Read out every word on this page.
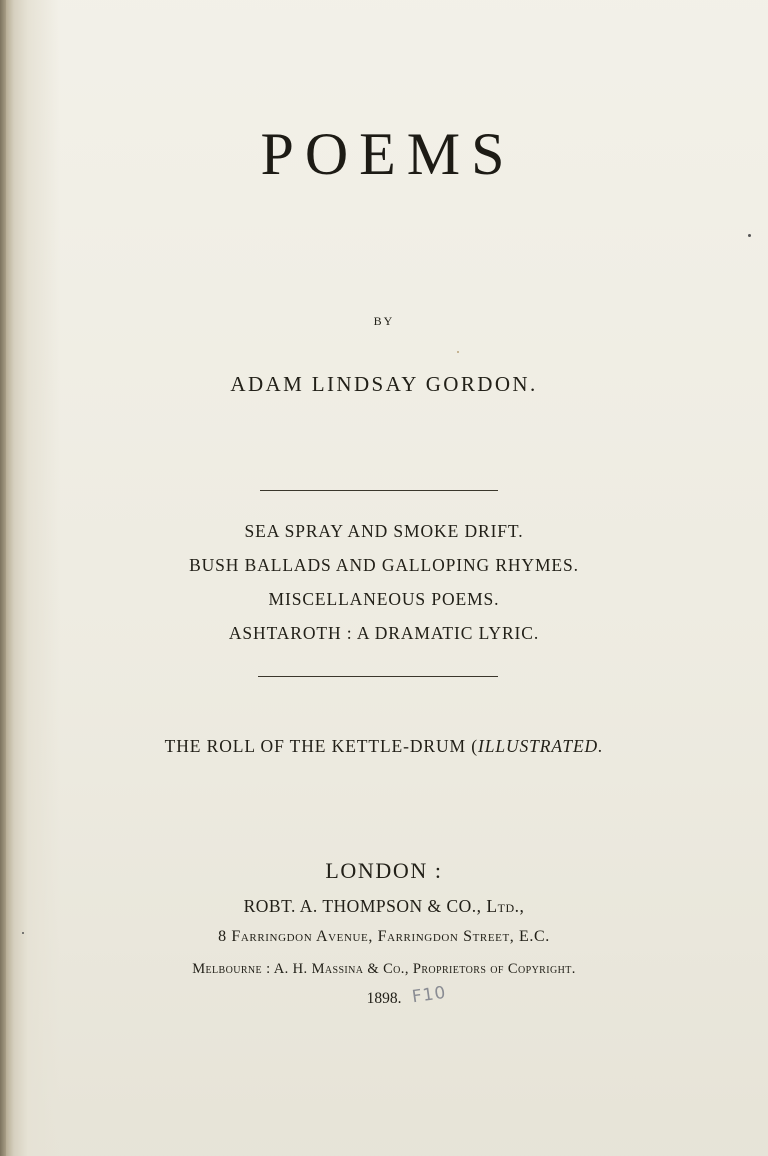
POEMS

BY

ADAM LINDSAY GORDON.

SEA SPRAY AND SMOKE DRIFT.
BUSH BALLADS AND GALLOPING RHYMES.
MISCELLANEOUS POEMS.
ASHTAROTH : A DRAMATIC LYRIC.

THE ROLL OF THE KETTLE-DRUM (ILLUSTRATED.

LONDON :

ROBT. A. THOMPSON & CO., Ltd.,

8 Farringdon Avenue, Farringdon Street, E.C.

Melbourne : A. H. Massina & Co., Proprietors of Copyright.

1898. F10
